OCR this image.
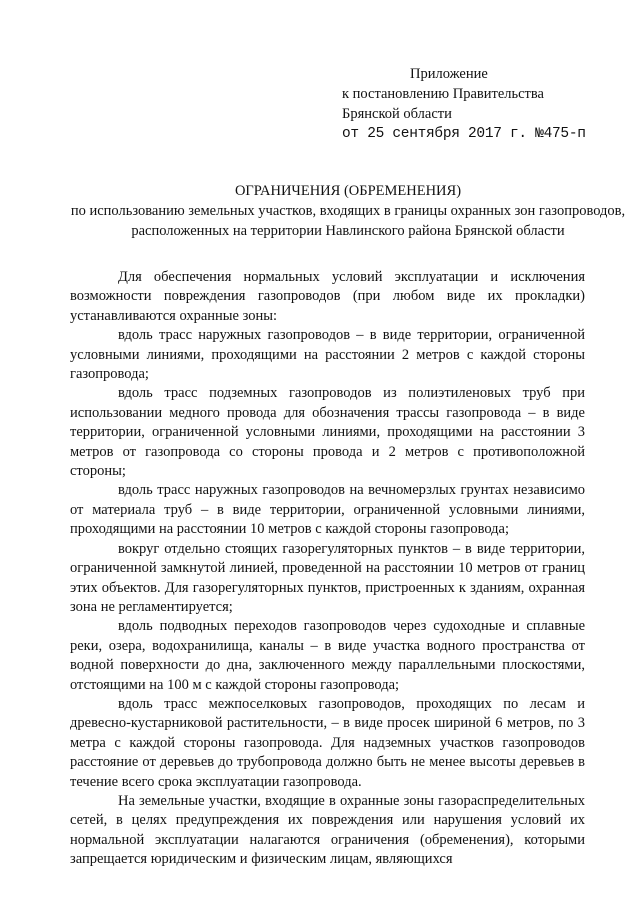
Приложение
к постановлению Правительства
Брянской области
от 25 сентября 2017 г. №475-п
ОГРАНИЧЕНИЯ (ОБРЕМЕНЕНИЯ)
по использованию земельных участков, входящих в границы охранных зон газопроводов, расположенных на территории Навлинского района Брянской области

Для обеспечения нормальных условий эксплуатации и исключения возможности повреждения газопроводов (при любом виде их прокладки) устанавливаются охранные зоны:

вдоль трасс наружных газопроводов – в виде территории, ограниченной условными линиями, проходящими на расстоянии 2 метров с каждой стороны газопровода;

вдоль трасс подземных газопроводов из полиэтиленовых труб при использовании медного провода для обозначения трассы газопровода – в виде территории, ограниченной условными линиями, проходящими на расстоянии 3 метров от газопровода со стороны провода и 2 метров с противоположной стороны;

вдоль трасс наружных газопроводов на вечномерзлых грунтах независимо от материала труб – в виде территории, ограниченной условными линиями, проходящими на расстоянии 10 метров с каждой стороны газопровода;

вокруг отдельно стоящих газорегуляторных пунктов – в виде территории, ограниченной замкнутой линией, проведенной на расстоянии 10 метров от границ этих объектов. Для газорегуляторных пунктов, пристроенных к зданиям, охранная зона не регламентируется;

вдоль подводных переходов газопроводов через судоходные и сплавные реки, озера, водохранилища, каналы – в виде участка водного пространства от водной поверхности до дна, заключенного между параллельными плоскостями, отстоящими на 100 м с каждой стороны газопровода;

вдоль трасс межпоселковых газопроводов, проходящих по лесам и древесно-кустарниковой растительности, – в виде просек шириной 6 метров, по 3 метра с каждой стороны газопровода. Для надземных участков газопроводов расстояние от деревьев до трубопровода должно быть не менее высоты деревьев в течение всего срока эксплуатации газопровода.

На земельные участки, входящие в охранные зоны газораспределительных сетей, в целях предупреждения их повреждения или нарушения условий их нормальной эксплуатации налагаются ограничения (обременения), которыми запрещается юридическим и физическим лицам, являющихся
